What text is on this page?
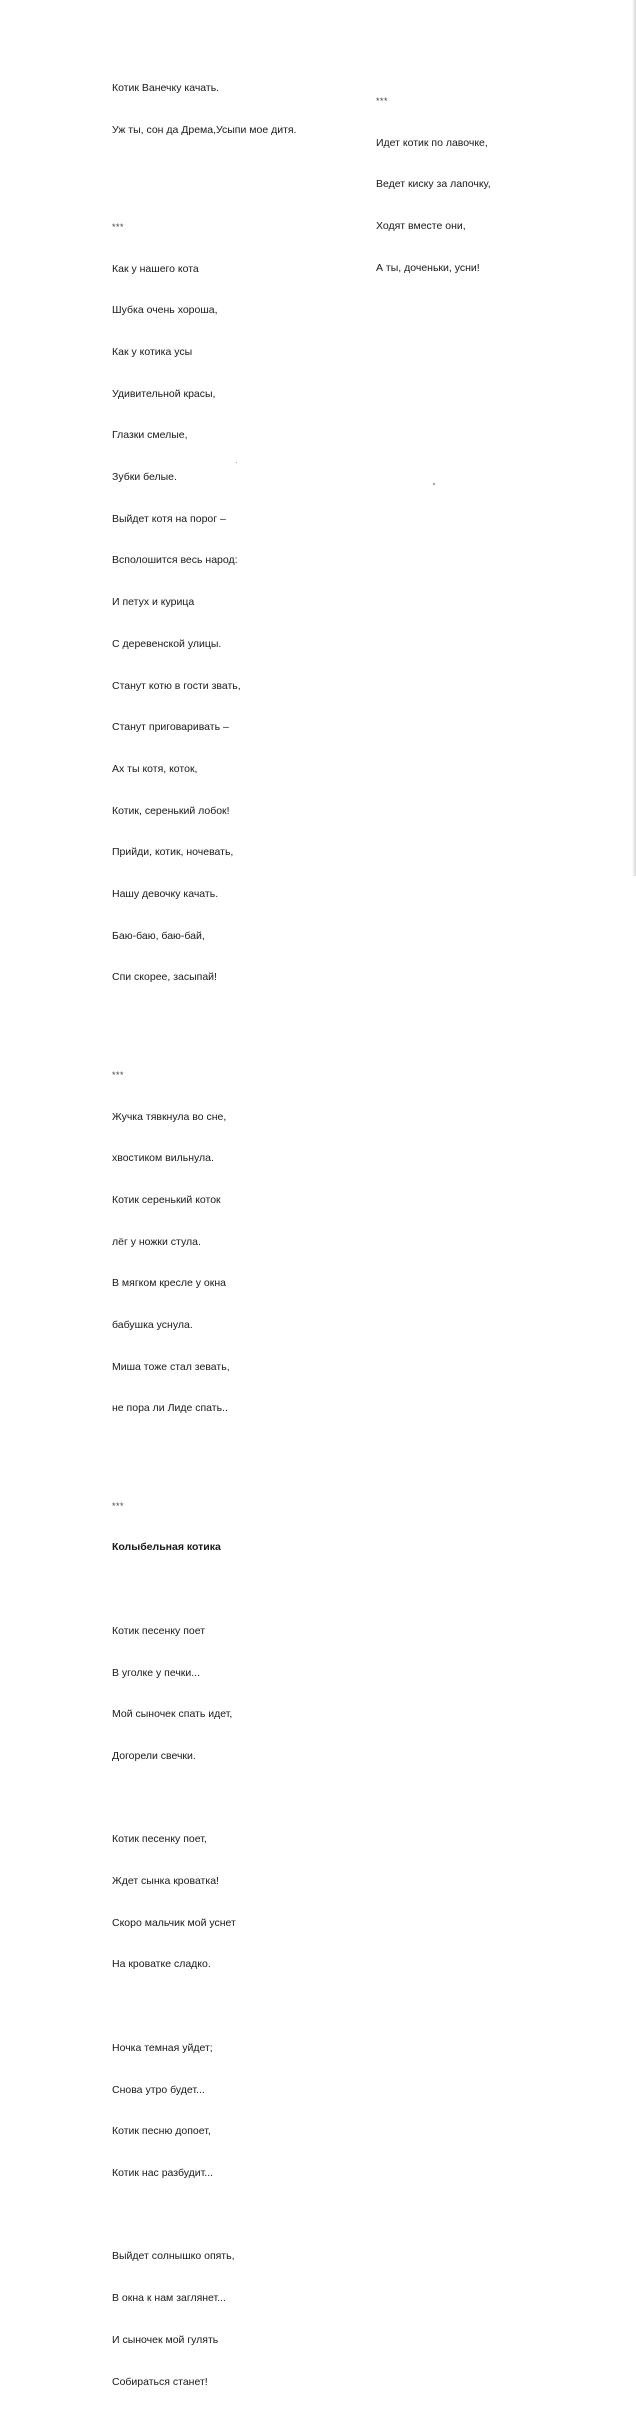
Котик Ванечку качать.

Уж ты, сон да Дрема,Усыпи мое дитя.

***

Как у нашего кота

Шубка очень хороша,

Как у котика усы

Удивительной красы,

Глазки смелые,

Зубки белые.

Выйдет котя на порог –

Всполошится весь народ:

И петух и курица

С деревенской улицы.

Станут котю в гости звать,

Станут приговаривать –

Ах ты котя, коток,

Котик, серенький лобок!

Прийди, котик, ночевать,

Нашу девочку качать.

Баю-баю, баю-бай,

Спи скорее, засыпай!

***

Жучка тявкнула во сне,

хвостиком вильнула.

Котик серенький коток

лёг у ножки стула.

В мягком кресле у окна

бабушка уснула.

Миша тоже стал зевать,

не пора ли Лиде спать..

***

Колыбельная котика

Котик песенку поет

В уголке у печки...

Мой сыночек спать идет,

Догорели свечки.

Котик песенку поет,

Ждет сынка кроватка!

Скоро мальчик мой уснет

На кроватке сладко.

Ночка темная уйдет;

Снова утро будет...

Котик песню допоет,

Котик нас разбудит...

Выйдет солнышко опять,

В окна к нам заглянет...

И сыночек мой гулять

Собираться станет!

***

Идет котик по лавочке,

Ведет киску за лапочку,

Ходят вместе они,

А ты, доченьки, усни!
